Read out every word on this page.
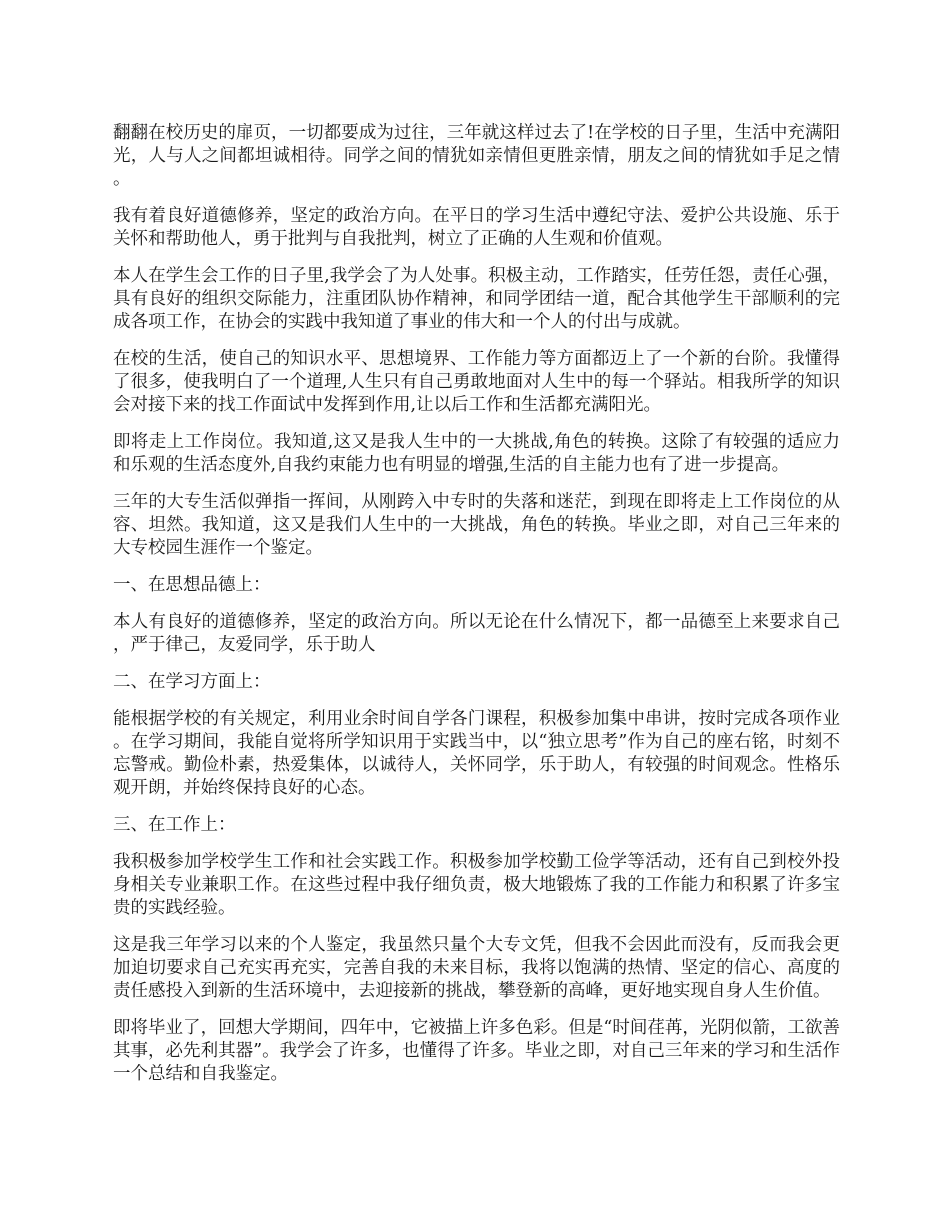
翻翻在校历史的扉页，一切都要成为过往，三年就这样过去了!在学校的日子里，生活中充满阳光，人与人之间都坦诚相待。同学之间的情犹如亲情但更胜亲情，朋友之间的情犹如手足之情。

我有着良好道德修养，坚定的政治方向。在平日的学习生活中遵纪守法、爱护公共设施、乐于关怀和帮助他人，勇于批判与自我批判，树立了正确的人生观和价值观。

本人在学生会工作的日子里,我学会了为人处事。积极主动，工作踏实，任劳任怨，责任心强，具有良好的组织交际能力，注重团队协作精神，和同学团结一道，配合其他学生干部顺利的完成各项工作，在协会的实践中我知道了事业的伟大和一个人的付出与成就。

在校的生活，使自己的知识水平、思想境界、工作能力等方面都迈上了一个新的台阶。我懂得了很多，使我明白了一个道理,人生只有自己勇敢地面对人生中的每一个驿站。相我所学的知识会对接下来的找工作面试中发挥到作用,让以后工作和生活都充满阳光。

即将走上工作岗位。我知道,这又是我人生中的一大挑战,角色的转换。这除了有较强的适应力和乐观的生活态度外,自我约束能力也有明显的增强,生活的自主能力也有了进一步提高。

三年的大专生活似弹指一挥间，从刚跨入中专时的失落和迷茫，到现在即将走上工作岗位的从容、坦然。我知道，这又是我们人生中的一大挑战，角色的转换。毕业之即，对自己三年来的大专校园生涯作一个鉴定。

一、在思想品德上：

本人有良好的道德修养，坚定的政治方向。所以无论在什么情况下，都一品德至上来要求自己，严于律己，友爱同学，乐于助人

二、在学习方面上：

能根据学校的有关规定，利用业余时间自学各门课程，积极参加集中串讲，按时完成各项作业。在学习期间，我能自觉将所学知识用于实践当中，以“独立思考”作为自己的座右铭，时刻不忘警戒。勤俭朴素，热爱集体，以诚待人，关怀同学，乐于助人，有较强的时间观念。性格乐观开朗，并始终保持良好的心态。

三、在工作上：

我积极参加学校学生工作和社会实践工作。积极参加学校勤工俭学等活动，还有自己到校外投身相关专业兼职工作。在这些过程中我仔细负责，极大地锻炼了我的工作能力和积累了许多宝贵的实践经验。

这是我三年学习以来的个人鉴定，我虽然只量个大专文凭，但我不会因此而没有，反而我会更加迫切要求自己充实再充实，完善自我的未来目标，我将以饱满的热情、坚定的信心、高度的责任感投入到新的生活环境中，去迎接新的挑战，攀登新的高峰，更好地实现自身人生价值。

即将毕业了，回想大学期间，四年中，它被描上许多色彩。但是“时间荏苒，光阴似箭，工欲善其事，必先利其器”。我学会了许多，也懂得了许多。毕业之即，对自己三年来的学习和生活作一个总结和自我鉴定。
